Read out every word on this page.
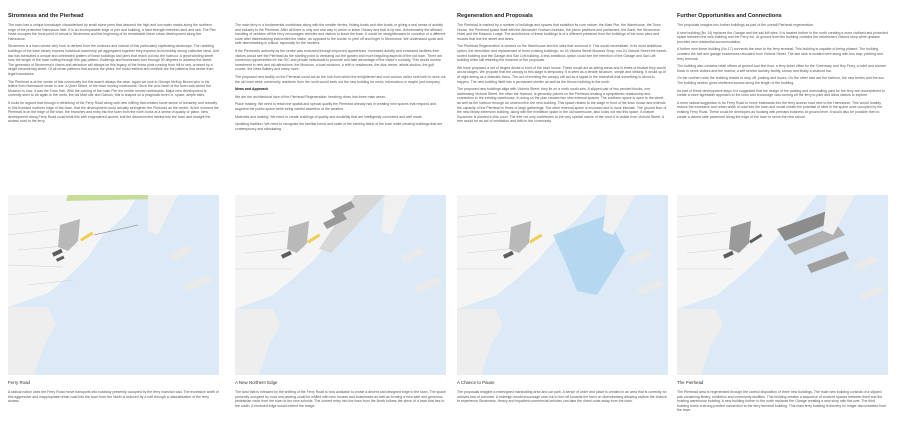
Stromness and the Pierhead

The town has a unique townscape characterised by small stone piers that descend the high and low water marks along the northern edge of the protected Hamnavoe inlet. It is an incomparable edge of pier and building, a hard strength between land and sea. The Pier Head occupies the focal point of arrival in Stromness and the beginning of its remarkable linear urban development along the Hamnavoe.

Stromness is a town whose very form is derived from the contours and natural of this particularly captivating landscape. The rambling buildings of the town clearly express individual ownership yet aggregated together they express an incredibly strong collective ideal. Unit law has fabricated a unique and celebrated pattern of linear buildings and piers that reach out into the harbour. A great winding street runs the length of the town cutting through this gap pattern. Buildings and businesses turn through 90 degrees to address the street. The generator of Stromness's charm and attraction will always be this legacy of the linear plots running from hill to sea, crossed by a single meandering street. Of all urban patterns that survive the years, the most resilient and credible are the patterns that derive from legal boundaries.

The Pierhead is at the centre of this community but this wasn't always the case. Again we look to George McKay Brown who in his letters from Hamnavoe wrote in one: A Quiet Street, of the town moving northwards. Once the civic heart of the town was where the Museum is now, it was the Town Hall. With the coming of the main Pier the centre moved northwards. Major new development is currently seen to be again in the north, the old Mart site and Garson, this is shaped on a pragmatic level i.e. space, ample sites.

It could be argued that through a rethinking of the Ferry Road along with new infilling that creates some sense of humanity and urbanity to this frontand northern edge of the town, that the development could actually strengthen the Pierhead as the centre. At the moment the Pierhead is on the edge of the town, the branches and entry into the town from the north looks at a sense of quality or place. New development along Ferry Road could treat this with engendered accent, knit the disconnected marina into the town and straight the access road to the ferry.

Ferry Road
A radical notion uses the Ferry Road move transports into roadway presently occupied by the ferry marshal road. The excessive width of this aggressive and inappropriate urban road into the town from the North is reduced by a half through a rationalisation of the ferry access.

The main ferry is a fundamental contributor along with the smaller ferries, fishing boats and dive boats, in giving a real sense of activity and industry to the Pierhead. After all there is only one real way to arrive or leave Orkney and that is by sea. Unfortunately the efficient handling of vehicles off the ferry encourages vehicles and visitors to leave the town. It would be straightforward to conceive of a different route after disembarking that invites the visitor, as opposed to the tourist, to peel off and linger in Stromness. We understand quick and safe disembarking is critical, especially for the hauliers.

If the Pierhead's authority as the centre was endorsed through improved appearance, increased activity and enhanced facilities then visitors would see the Pierhead as the starting point to venturing out the garden and more beguiling aspects of the old town. There are numerous opportunities for the OIC and private individuals to promote and take advantage of the visitor's curiosity. This would involve investment in new and old attractions: the Museum, a boat museum, a refit or residences, the dive center, artists studios, the golf course, the Ness Battery and many more.

The proposed new facility on the Pierhead could act as the hub from which the enlightened and now curious visitor sets forth to seek out the old town while community residents from the north would seek out the new building for news, information or maybe just company.

Ideas and Approach

We are the architectural face of the Pierhead Regeneration: breaking down into three main areas.

Place making: We need to retain the spatial and special quality the Pierhead already has in creating new spaces that respond and augment the public space while being careful assertion of the weather.

Materials and making: We need to create buildings of quality and durability that are intelligently conceived and well made.

Updating tradition: We need to recognise the familiar forms and scale of the existing fabric of the town while creating buildings that are contemporary and stimulating.

A New Northern Edge
The land that is released by the shifting of the Ferry Road is now available to create a decent and designed edge to the town. The space presently occupied by road and parking could be infilled with new houses and businesses as well as forming a new safe and generous pedestrian route from the town to the new schools. The current entry into the town from the North follows the piece of a town that ties to the south. A renewed edge would extend the image.
Regeneration and Proposals

The Pierhead is marked by a number of buildings and spaces that establish its core nature; the Main Pier, the Warehouse, the Town House, the Pierhead space itself with the Alexander Graham fountain, the picnic pavilions and parliament, the Bank, the Stromness Hotel and the Masonic Lodge. The architecture of these buildings is of a different presence from the buildings of the town piers and houses that line the street and lanes.

The Pierhead Regeneration is centred on the Warehouse and the sites that surround it. This would necessitate, in its most ambitious option, the demolition and replacement of three existing buildings; no 16 Victoria Street Mosaics Shop, nos 24 Victoria Street the funnel-roofed building and the Garage and Sail Loft building. A less ambitious option could see the retention of the Garage and Sail Loft building while still retaining the essence of the proposals.

We have proposed a set of hinged decks in front of the town house. These would act as sitting areas and in times of festival they would act as stages. We propose that the canopy to this stage is temporary. It is seen as a tensile structure, simple and striking. It would up-lit at night acting as a dramatic focus. The act of erecting the canopy will act as a signal to the townsfolk that something is about to happen. The new building itself has a permanent shelter as well as the thrown building to the north.

The proposed new buildings align with Victoria Street, they lie on a north south axis. A slipped pair of two pended blocks, one addressing Victoria Street, the other the Harbour, is generally placed on the Pierhead creating a sympathetic relationship and connection to the existing warehouse. In doing so the plan creates two new external spaces. The southern space is open to the street as well as the harbour through an undercroft in the new building. This space relates to the stage in front of the town house and extends the capacity of the Pierhead in times of large gatherings. The other external space is enclosed and is more intimate. The ground floor of the new library extension building, along with the exhibition space in the old warehouse, also looks out into this space. A mature Sycamore is planted in this court. The tree not only contributes to the very special nature of the court it is visible from Victoria Street. A tree would be an act of ventilation and faith in the community.

A Chance to Pause
The proposals imagine a redesigned marshalling area and car park. A sense of order and place is created in an area that is currently an unloved sea of concrete. A redesign would encourage cars out to turn off towards the town on disembarking allowing visitors the chance to experience Stromness. Heavy and impatient commercial vehicles can take the direct route away from the town.
Further Opportunities and Connections

The proposals imagine two further buildings as part of the overall Pierhead regeneration.

A new building (No 14) replaces the Garage and the sail loft sites. It is located further to the north creating a more civilised and protected space between the new building and the Ferry inn. At ground level the building contains the refurbished Victoria shop while upstairs provides new residential accommodation.

A further new linear building (No 17) connects the town to the ferry terminal. This building is capable of being phased. The building contains the taxi and garage businesses relocated from Victoria Street. The taxi rank is located here along with bus stop, parking and ferry terminal.

The building also contains retail offices at ground and first floor, a ferry ticket office for the Greenway and Hoy Ferry, a toilet and shower block to serve visitors and the marina, a self service laundry facility, shows and finally a seafood bar.

On the northern side the building relates to drop off, parking and buses. On the other side are the harbour, the new berths and the sun. The building section gives sheltered access along the length of the building.

As part of these development steps it is suggested that the design of the parking and marshalling yard for the ferry are reconsidered to create a more agreeable approach to the town and encourage cars coming off the ferry to park and allow visitors to explore.

A more radical suggestion is for Ferry Road to move eastwards into the ferry access road next to the Hamnavoe. This would notably reduce the excessive and urban width of road into the town and would create the potential of sites in the space once occupied by the existing Ferry Road. These could be developed as housing with perhaps business at ground level. It would also be possible then to create a decent safe pavement along the edge of the town to serve the new school.

The Pierhead
The Pierhead area is regenerated through the careful disposition of three new buildings. The main new building consists of a slipped pair containing library, exhibition and community facilities. This building creates a sequence of covered spaces between itself and the existing warehouse building. A new building further to the north replaces the Garage creating a new shop with flat over. The third building forms a strong pointed connection to the ferry terminal building. This main ferry building is thereby no longer disconnected from the town.
